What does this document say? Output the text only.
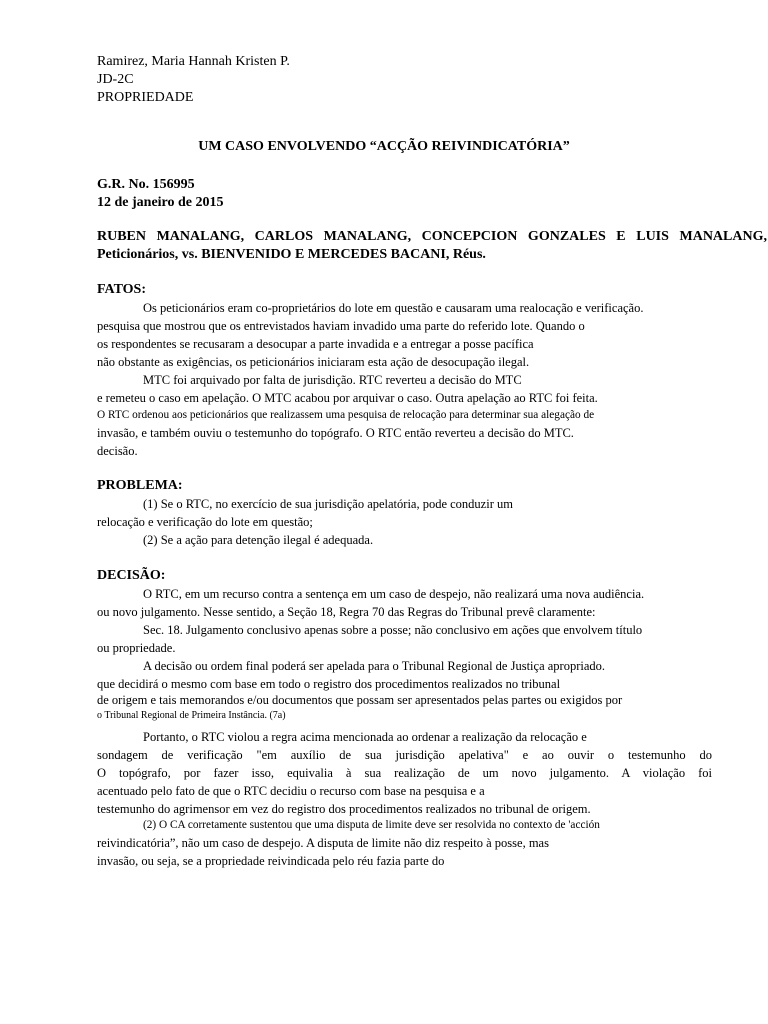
Ramirez, Maria Hannah Kristen P.
JD-2C
PROPRIEDADE
UM CASO ENVOLVENDO “ACÇÃO REIVINDICATÓRIA”
G.R. No. 156995
12 de janeiro de 2015
RUBEN MANALANG, CARLOS MANALANG, CONCEPCION GONZALES E LUIS MANALANG,
Peticionários, vs. BIENVENIDO E MERCEDES BACANI, Réus.
FATOS:
Os peticionários eram co-proprietários do lote em questão e causaram uma realocação e verificação.
pesquisa que mostrou que os entrevistados haviam invadido uma parte do referido lote. Quando o
os respondentes se recusaram a desocupar a parte invadida e a entregar a posse pacífica
não obstante as exigências, os peticionários iniciaram esta ação de desocupação ilegal.
MTC foi arquivado por falta de jurisdição. RTC reverteu a decisão do MTC
e remeteu o caso em apelação. O MTC acabou por arquivar o caso. Outra apelação ao RTC foi feita.
O RTC ordenou aos peticionários que realizassem uma pesquisa de relocação para determinar sua alegação de
invasão, e também ouviu o testemunho do topógrafo. O RTC então reverteu a decisão do MTC.
decisão.
PROBLEMA:
(1) Se o RTC, no exercício de sua jurisdição apelatória, pode conduzir um
relocação e verificação do lote em questão;
(2) Se a ação para detenção ilegal é adequada.
DECISÃO:
O RTC, em um recurso contra a sentença em um caso de despejo, não realizará uma nova audiência.
ou novo julgamento. Nesse sentido, a Seção 18, Regra 70 das Regras do Tribunal prevê claramente:
Sec. 18. Julgamento conclusivo apenas sobre a posse; não conclusivo em ações que envolvem título
ou propriedade.
A decisão ou ordem final poderá ser apelada para o Tribunal Regional de Justiça apropriado.
que decidirá o mesmo com base em todo o registro dos procedimentos realizados no tribunal
de origem e tais memorandos e/ou documentos que possam ser apresentados pelas partes ou exigidos por
o Tribunal Regional de Primeira Instância. (7a)
Portanto, o RTC violou a regra acima mencionada ao ordenar a realização da relocação e
sondagem de verificação "em auxílio de sua jurisdição apelativa" e ao ouvir o testemunho do
O topógrafo, por fazer isso, equivalia à sua realização de um novo julgamento. A violação foi
acentuado pelo fato de que o RTC decidiu o recurso com base na pesquisa e a
testemunho do agrimensor em vez do registro dos procedimentos realizados no tribunal de origem.
(2) O CA corretamente sustentou que uma disputa de limite deve ser resolvida no contexto de 'acción
reivindicatória”, não um caso de despejo. A disputa de limite não diz respeito à posse, mas
invasão, ou seja, se a propriedade reivindicada pelo réu fazia parte do
